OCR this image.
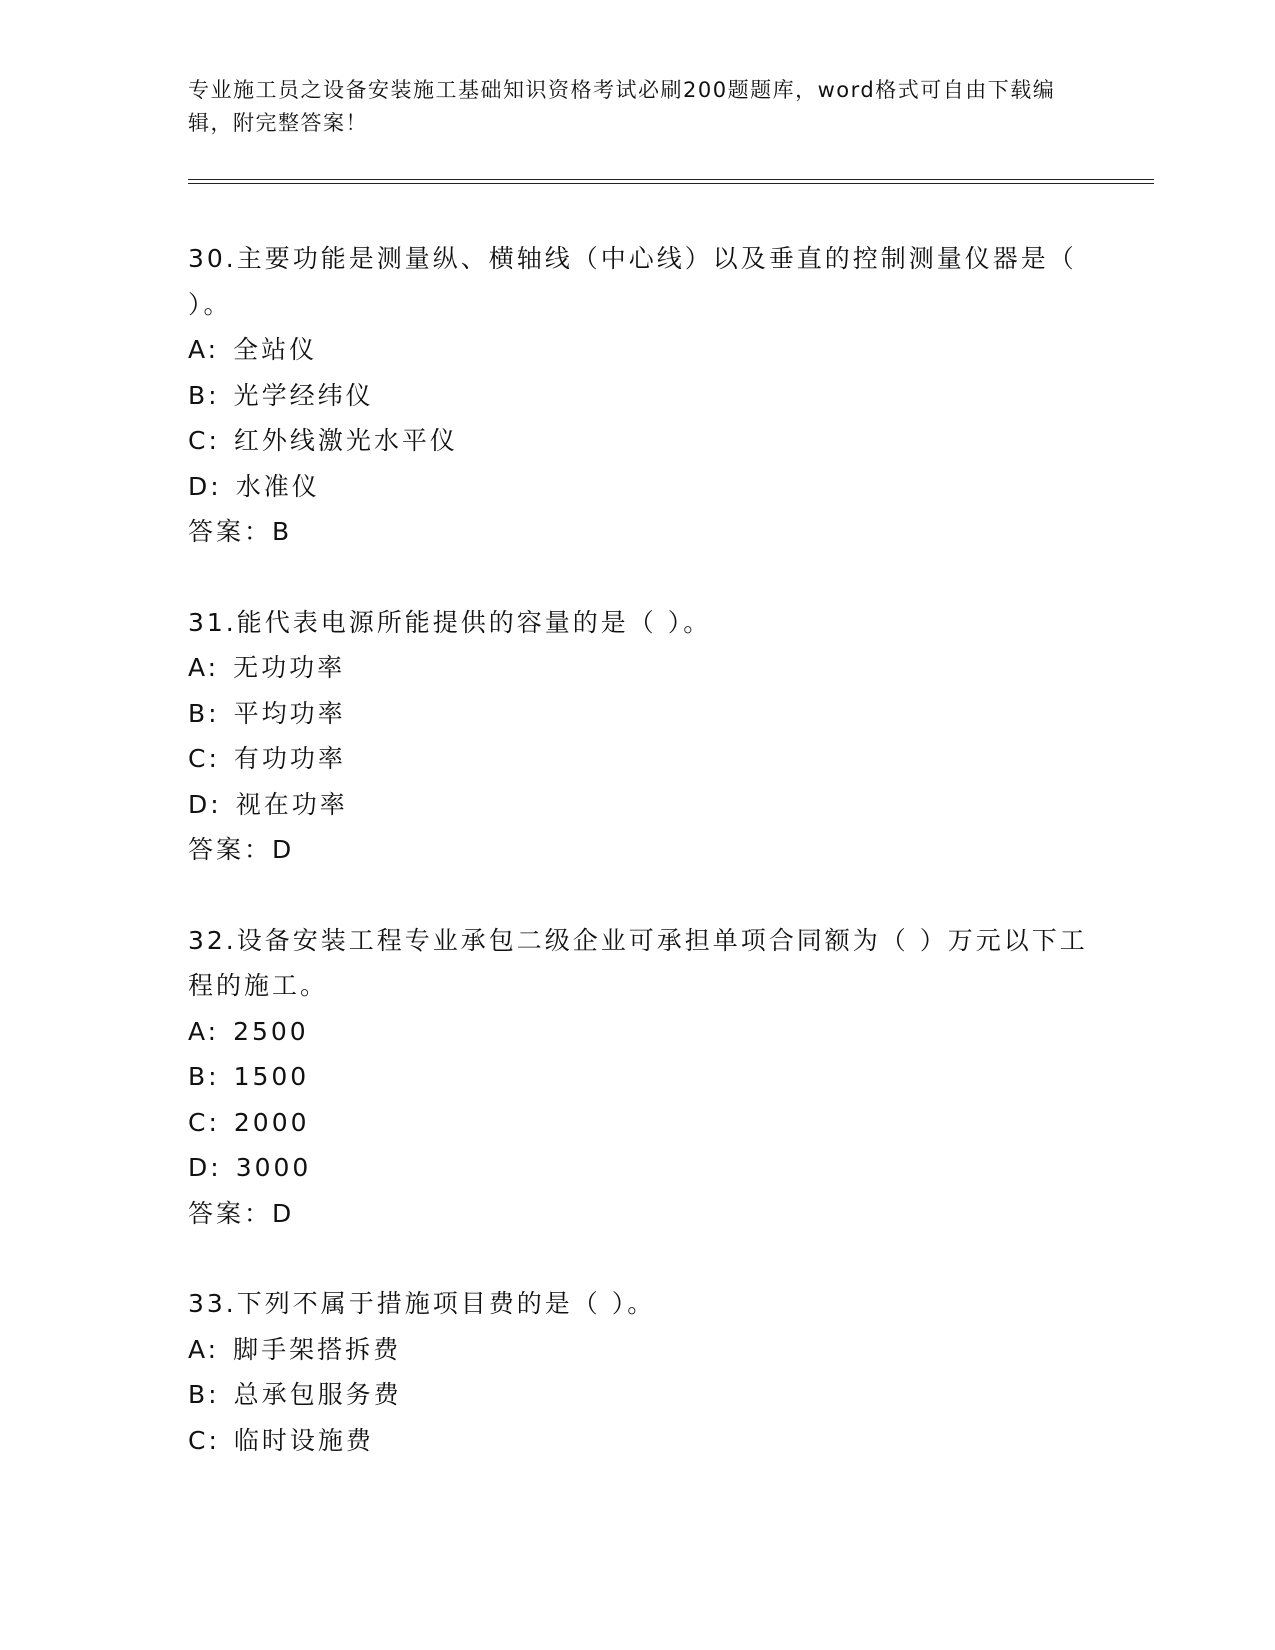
专业施工员之设备安装施工基础知识资格考试必刷200题题库，word格式可自由下载编辑，附完整答案！
30.主要功能是测量纵、横轴线（中心线）以及垂直的控制测量仪器是（ ）。
A: 全站仪
B: 光学经纬仪
C: 红外线激光水平仪
D: 水准仪
答案：B
31.能代表电源所能提供的容量的是（ ）。
A: 无功功率
B: 平均功率
C: 有功功率
D: 视在功率
答案：D
32.设备安装工程专业承包二级企业可承担单项合同额为（ ）万元以下工程的施工。
A: 2500
B: 1500
C: 2000
D: 3000
答案：D
33.下列不属于措施项目费的是（ ）。
A: 脚手架搭拆费
B: 总承包服务费
C: 临时设施费
